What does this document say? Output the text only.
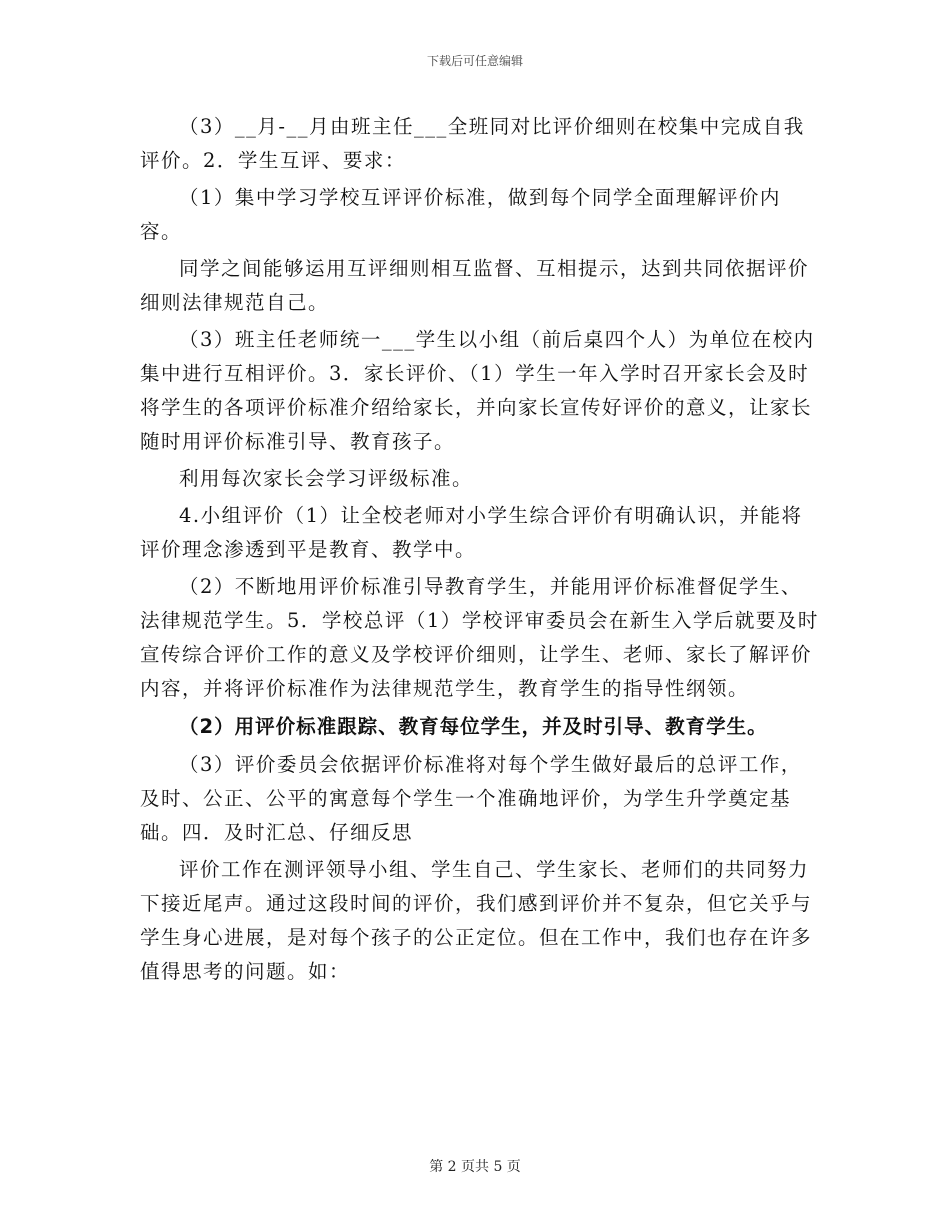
下载后可任意编辑

（3）__月-__月由班主任___全班同对比评价细则在校集中完成自我评价。2．学生互评、要求：

（1）集中学习学校互评评价标准，做到每个同学全面理解评价内容。

同学之间能够运用互评细则相互监督、互相提示，达到共同依据评价细则法律规范自己。

（3）班主任老师统一___学生以小组（前后桌四个人）为单位在校内集中进行互相评价。3．家长评价、（1）学生一年入学时召开家长会及时将学生的各项评价标准介绍给家长，并向家长宣传好评价的意义，让家长随时用评价标准引导、教育孩子。

利用每次家长会学习评级标准。

4.小组评价（1）让全校老师对小学生综合评价有明确认识，并能将评价理念渗透到平是教育、教学中。

（2）不断地用评价标准引导教育学生，并能用评价标准督促学生、法律规范学生。5．学校总评（1）学校评审委员会在新生入学后就要及时宣传综合评价工作的意义及学校评价细则，让学生、老师、家长了解评价内容，并将评价标准作为法律规范学生，教育学生的指导性纲领。

（2）用评价标准跟踪、教育每位学生，并及时引导、教育学生。

（3）评价委员会依据评价标准将对每个学生做好最后的总评工作，及时、公正、公平的寓意每个学生一个准确地评价，为学生升学奠定基础。四．及时汇总、仔细反思

评价工作在测评领导小组、学生自己、学生家长、老师们的共同努力下接近尾声。通过这段时间的评价，我们感到评价并不复杂，但它关乎与学生身心进展，是对每个孩子的公正定位。但在工作中，我们也存在许多值得思考的问题。如：

第 2 页共 5 页
